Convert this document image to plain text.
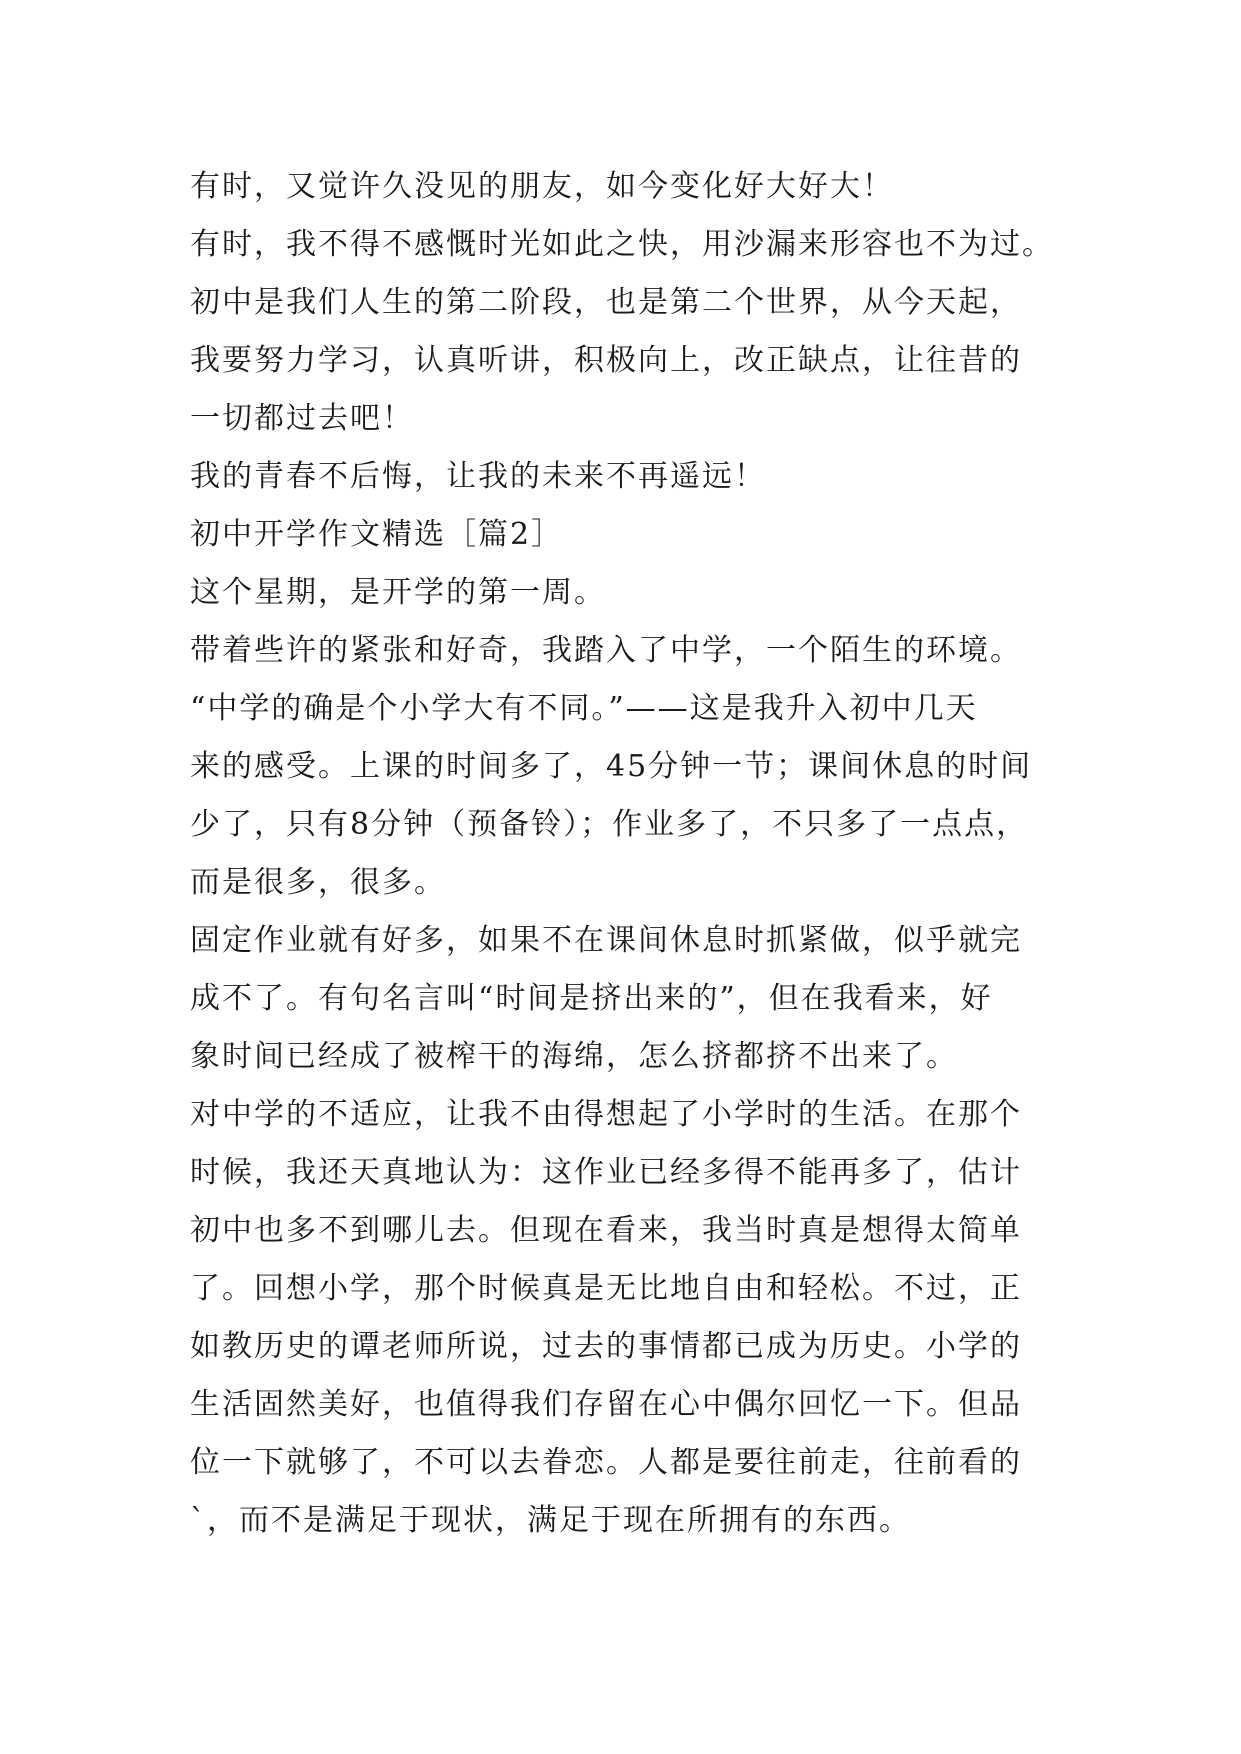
有时，又觉许久没见的朋友，如今变化好大好大！
有时，我不得不感慨时光如此之快，用沙漏来形容也不为过。
初中是我们人生的第二阶段，也是第二个世界，从今天起，
我要努力学习，认真听讲，积极向上，改正缺点，让往昔的
一切都过去吧！
我的青春不后悔，让我的未来不再遥远！
初中开学作文精选［篇2］
这个星期，是开学的第一周。
带着些许的紧张和好奇，我踏入了中学，一个陌生的环境。
“中学的确是个小学大有不同。”——这是我升入初中几天
来的感受。上课的时间多了，45分钟一节；课间休息的时间
少了，只有8分钟（预备铃）；作业多了，不只多了一点点，
而是很多，很多。
固定作业就有好多，如果不在课间休息时抓紧做，似乎就完
成不了。有句名言叫“时间是挤出来的”，但在我看来，好
象时间已经成了被榨干的海绵，怎么挤都挤不出来了。
对中学的不适应，让我不由得想起了小学时的生活。在那个
时候，我还天真地认为：这作业已经多得不能再多了，估计
初中也多不到哪儿去。但现在看来，我当时真是想得太简单
了。回想小学，那个时候真是无比地自由和轻松。不过，正
如教历史的谭老师所说，过去的事情都已成为历史。小学的
生活固然美好，也值得我们存留在心中偶尔回忆一下。但品
位一下就够了，不可以去眷恋。人都是要往前走，往前看的
`，而不是满足于现状，满足于现在所拥有的东西。
